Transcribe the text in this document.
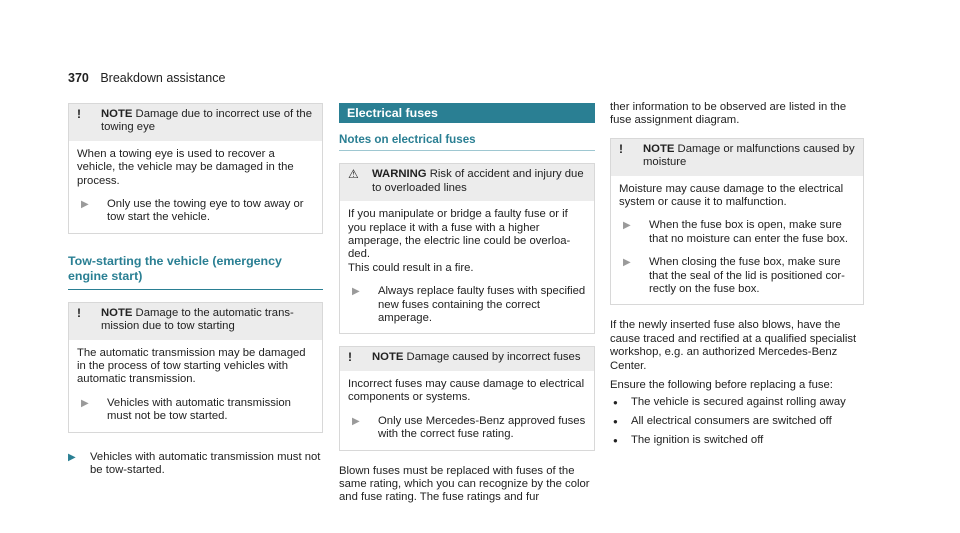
370 Breakdown assistance
!	NOTE Damage due to incorrect use of the towing eye

When a towing eye is used to recover a vehicle, the vehicle may be damaged in the process.

▶	Only use the towing eye to tow away or tow start the vehicle.
Tow-starting the vehicle (emergency engine start)
!	NOTE Damage to the automatic transmission due to tow starting

The automatic transmission may be damaged in the process of tow starting vehicles with automatic transmission.

▶	Vehicles with automatic transmission must not be tow started.
▶	Vehicles with automatic transmission must not be tow-started.
Electrical fuses
Notes on electrical fuses
⚠	WARNING Risk of accident and injury due to overloaded lines

If you manipulate or bridge a faulty fuse or if you replace it with a fuse with a higher amperage, the electric line could be overloaded.

This could result in a fire.

▶	Always replace faulty fuses with specified new fuses containing the correct amperage.
!	NOTE Damage caused by incorrect fuses

Incorrect fuses may cause damage to electrical components or systems.

▶	Only use Mercedes-Benz approved fuses with the correct fuse rating.

Blown fuses must be replaced with fuses of the same rating, which you can recognize by the color and fuse rating. The fuse ratings and fur

ther information to be observed are listed in the fuse assignment diagram.

!	NOTE Damage or malfunctions caused by moisture

Moisture may cause damage to the electrical system or cause it to malfunction.

▶	When the fuse box is open, make sure that no moisture can enter the fuse box.
▶	When closing the fuse box, make sure that the seal of the lid is positioned correctly on the fuse box.

If the newly inserted fuse also blows, have the cause traced and rectified at a qualified specialist workshop, e.g. an authorized Mercedes-Benz Center.

Ensure the following before replacing a fuse:

●	The vehicle is secured against rolling away
●	All electrical consumers are switched off
●	The ignition is switched off
